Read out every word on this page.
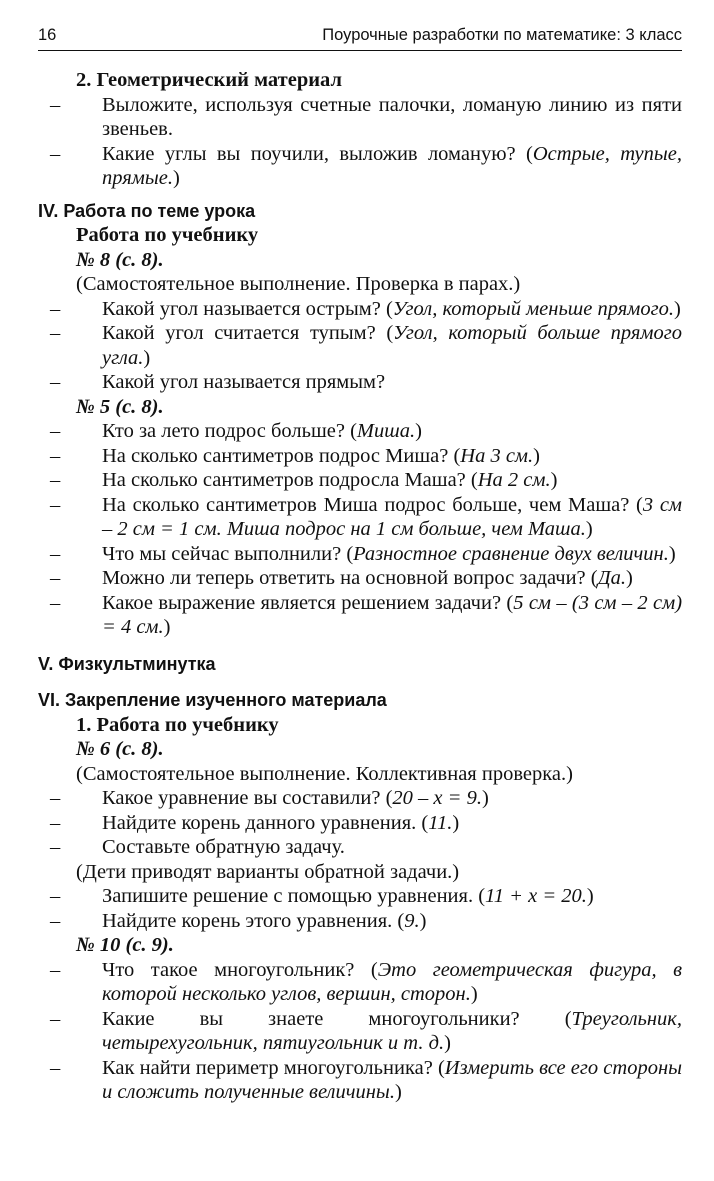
16	Поурочные разработки по математике: 3 класс

2. Геометрический материал

– Выложите, используя счетные палочки, ломаную линию из пяти звеньев.

– Какие углы вы поучили, выложив ломаную? (Острые, тупые, прямые.)

IV. Работа по теме урока

Работа по учебнику

№ 8 (с. 8).

(Самостоятельное выполнение. Проверка в парах.)

– Какой угол называется острым? (Угол, который меньше прямого.)

– Какой угол считается тупым? (Угол, который больше прямого угла.)

– Какой угол называется прямым?

№ 5 (с. 8).

– Кто за лето подрос больше? (Миша.)

– На сколько сантиметров подрос Миша? (На 3 см.)

– На сколько сантиметров подросла Маша? (На 2 см.)

– На сколько сантиметров Миша подрос больше, чем Маша? (3 см – 2 см = 1 см. Миша подрос на 1 см больше, чем Маша.)

– Что мы сейчас выполнили? (Разностное сравнение двух величин.)

– Можно ли теперь ответить на основной вопрос задачи? (Да.)

– Какое выражение является решением задачи? (5 см – (3 см – 2 см) = 4 см.)

V. Физкультминутка

VI. Закрепление изученного материала

1. Работа по учебнику

№ 6 (с. 8).

(Самостоятельное выполнение. Коллективная проверка.)

– Какое уравнение вы составили? (20 – х = 9.)

– Найдите корень данного уравнения. (11.)

– Составьте обратную задачу.

(Дети приводят варианты обратной задачи.)

– Запишите решение с помощью уравнения. (11 + х = 20.)

– Найдите корень этого уравнения. (9.)

№ 10 (с. 9).

– Что такое многоугольник? (Это геометрическая фигура, в которой несколько углов, вершин, сторон.)

– Какие вы знаете многоугольники? (Треугольник, четырехугольник, пятиугольник и т. д.)

– Как найти периметр многоугольника? (Измерить все его стороны и сложить полученные величины.)
